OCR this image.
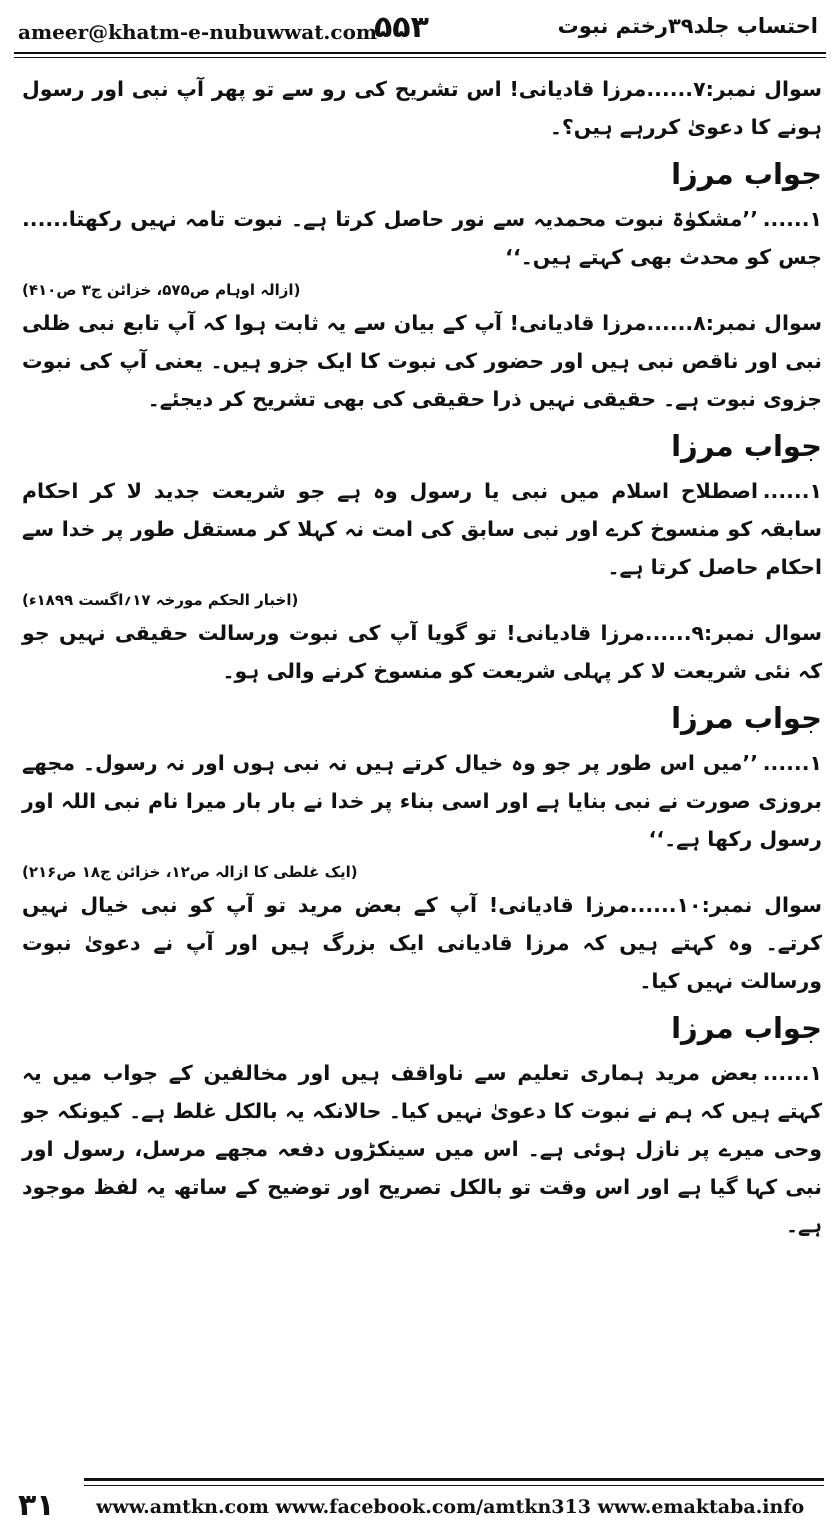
ameer@khatm-e-nubuwwat.com
۵۵۳	احتساب جلد۳۹رختم نبوت

سوال نمبر:۷......مرزا قادیانی! اس تشریح کی رو سے تو پھر آپ نبی اور رسول ہونے کا دعویٰ کررہے ہیں؟۔

جواب مرزا

۱......’’مشکوٰۃ نبوت محمدیہ سے نور حاصل کرتا ہے۔ نبوت تامہ نہیں رکھتا...... جس کو محدث بھی کہتے ہیں۔‘‘

(ازالہ اوہام ص۵۷۵، خزائن ج۳ ص۴۱۰)

سوال نمبر:۸......مرزا قادیانی! آپ کے بیان سے یہ ثابت ہوا کہ آپ تابع نبی ظلی نبی اور ناقص نبی ہیں اور حضور کی نبوت کا ایک جزو ہیں۔ یعنی آپ کی نبوت جزوی نبوت ہے۔ حقیقی نہیں ذرا حقیقی کی بھی تشریح کر دیجئے۔

جواب مرزا

۱......اصطلاح اسلام میں نبی یا رسول وہ ہے جو شریعت جدید لا کر احکام سابقہ کو منسوخ کرے اور نبی سابق کی امت نہ کہلا کر مستقل طور پر خدا سے احکام حاصل کرتا ہے۔

(اخبار الحکم مورخہ ۱۷؍اگست ۱۸۹۹ء)

سوال نمبر:۹......مرزا قادیانی! تو گویا آپ کی نبوت ورسالت حقیقی نہیں جو کہ نئی شریعت لا کر پہلی شریعت کو منسوخ کرنے والی ہو۔

جواب مرزا

۱......’’میں اس طور پر جو وہ خیال کرتے ہیں نہ نبی ہوں اور نہ رسول۔ مجھے بروزی صورت نے نبی بنایا ہے اور اسی بناء پر خدا نے بار بار میرا نام نبی اللہ اور رسول رکھا ہے۔‘‘

(ایک غلطی کا ازالہ ص۱۲، خزائن ج۱۸ ص۲۱۶)

سوال نمبر:۱۰......مرزا قادیانی! آپ کے بعض مرید تو آپ کو نبی خیال نہیں کرتے۔ وہ کہتے ہیں کہ مرزا قادیانی ایک بزرگ ہیں اور آپ نے دعویٰ نبوت ورسالت نہیں کیا۔

جواب مرزا

۱......بعض مرید ہماری تعلیم سے ناواقف ہیں اور مخالفین کے جواب میں یہ کہتے ہیں کہ ہم نے نبوت کا دعویٰ نہیں کیا۔ حالانکہ یہ بالکل غلط ہے۔ کیونکہ جو وحی میرے پر نازل ہوئی ہے۔ اس میں سینکڑوں دفعہ مجھے مرسل، رسول اور نبی کہا گیا ہے اور اس وقت تو بالکل تصریح اور توضیح کے ساتھ یہ لفظ موجود ہے۔

۳۱ www.amtkn.com www.facebook.com/amtkn313 www.emaktaba.info
